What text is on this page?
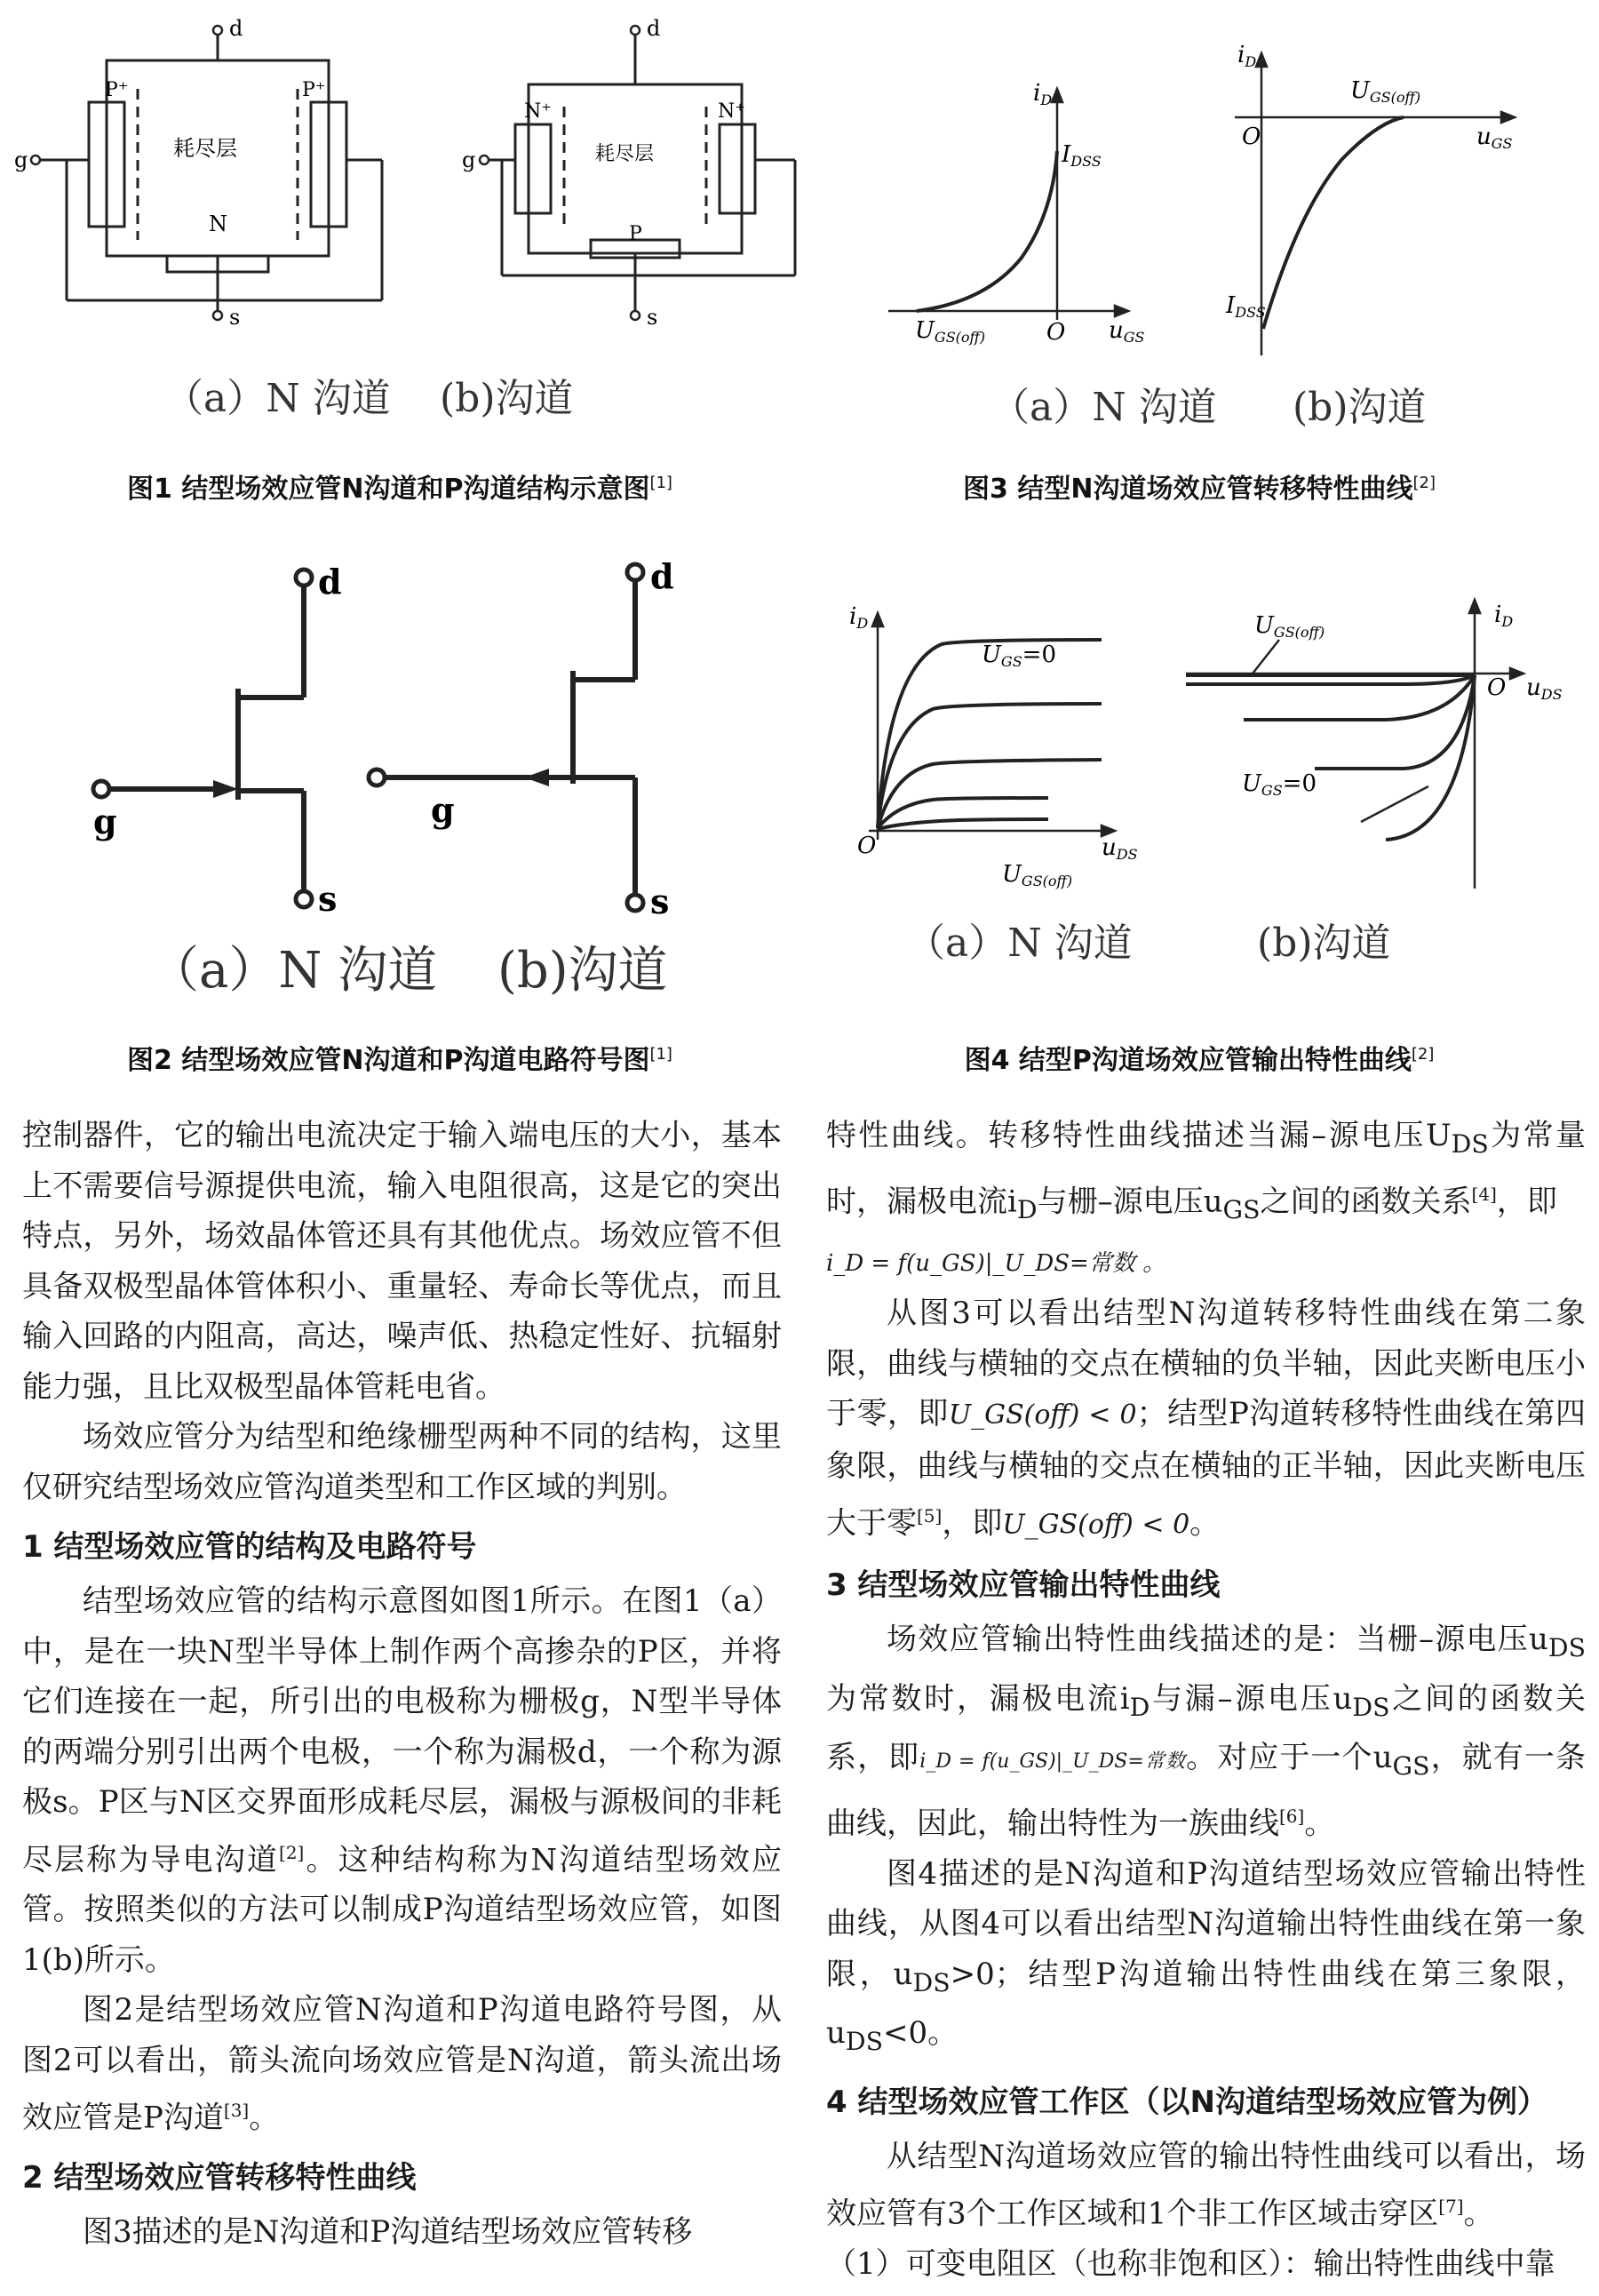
d
s
g
P⁺	P⁺
耗尽层
N
d
s
g
N⁺	N⁺
耗尽层
P
（a）N 沟道 (b)沟道
图1 结型场效应管N沟道和P沟道结构示意图[1]
iD
IDSS
UGS(off)	O uGS
iD
UGS(off)
O	uGS
IDSS
（a）N 沟道 (b)沟道
图3 结型N沟道场效应管转移特性曲线[2]
d
s
g
d
s
g
（a）N 沟道 (b)沟道
图2 结型场效应管N沟道和P沟道电路符号图[1]
iD
UGS=0
O	uDS
UGS(off)
iD
UGS(off)
O uDS
UGS=0
（a）N 沟道	(b)沟道
图4 结型P沟道场效应管输出特性曲线[2]

控制器件，它的输出电流决定于输入端电压的大小，基本上不需要信号源提供电流，输入电阻很高，这是它的突出特点，另外，场效晶体管还具有其他优点。场效应管不但具备双极型晶体管体积小、重量轻、寿命长等优点，而且输入回路的内阻高，高达，噪声低、热稳定性好、抗辐射能力强，且比双极型晶体管耗电省。

场效应管分为结型和绝缘栅型两种不同的结构，这里仅研究结型场效应管沟道类型和工作区域的判别。

1 结型场效应管的结构及电路符号

结型场效应管的结构示意图如图1所示。在图1（a）中，是在一块N型半导体上制作两个高掺杂的P区，并将它们连接在一起，所引出的电极称为栅极g，N型半导体的两端分别引出两个电极，一个称为漏极d，一个称为源极s。P区与N区交界面形成耗尽层，漏极与源极间的非耗尽层称为导电沟道[2]。这种结构称为N沟道结型场效应管。按照类似的方法可以制成P沟道结型场效应管，如图1(b)所示。

图2是结型场效应管N沟道和P沟道电路符号图，从图2可以看出，箭头流向场效应管是N沟道，箭头流出场效应管是P沟道[3]。

2 结型场效应管转移特性曲线

图3描述的是N沟道和P沟道结型场效应管转移

特性曲线。转移特性曲线描述当漏–源电压$U_{DS}$为常量时，漏极电流$i_D$与栅–源电压$u_{GS}$之间的函数关系[4]，即
i_D = f(u_GS)|_U_DS=常数 。

从图3可以看出结型N沟道转移特性曲线在第二象限，曲线与横轴的交点在横轴的负半轴，因此夹断电压小于零，即U_GS(off) < 0；结型P沟道转移特性曲线在第四象限，曲线与横轴的交点在横轴的正半轴，因此夹断电压大于零[5]，即U_GS(off) < 0。

3 结型场效应管输出特性曲线

场效应管输出特性曲线描述的是：当栅–源电压$u_{DS}$为常数时，漏极电流$i_D$与漏–源电压$u_{DS}$之间的函数关系，即i_D = f(u_GS)|_U_DS=常数。对应于一个$u_{GS}$，就有一条曲线，因此，输出特性为一族曲线[6]。

图4描述的是N沟道和P沟道结型场效应管输出特性曲线，从图4可以看出结型N沟道输出特性曲线在第一象限，$u_{DS}>0$；结型P沟道输出特性曲线在第三象限，$u_{DS}<0$。

4 结型场效应管工作区（以N沟道结型场效应管为例）

从结型N沟道场效应管的输出特性曲线可以看出，场效应管有3个工作区域和1个非工作区域击穿区[7]。

（1）可变电阻区（也称非饱和区）：输出特性曲线中靠
